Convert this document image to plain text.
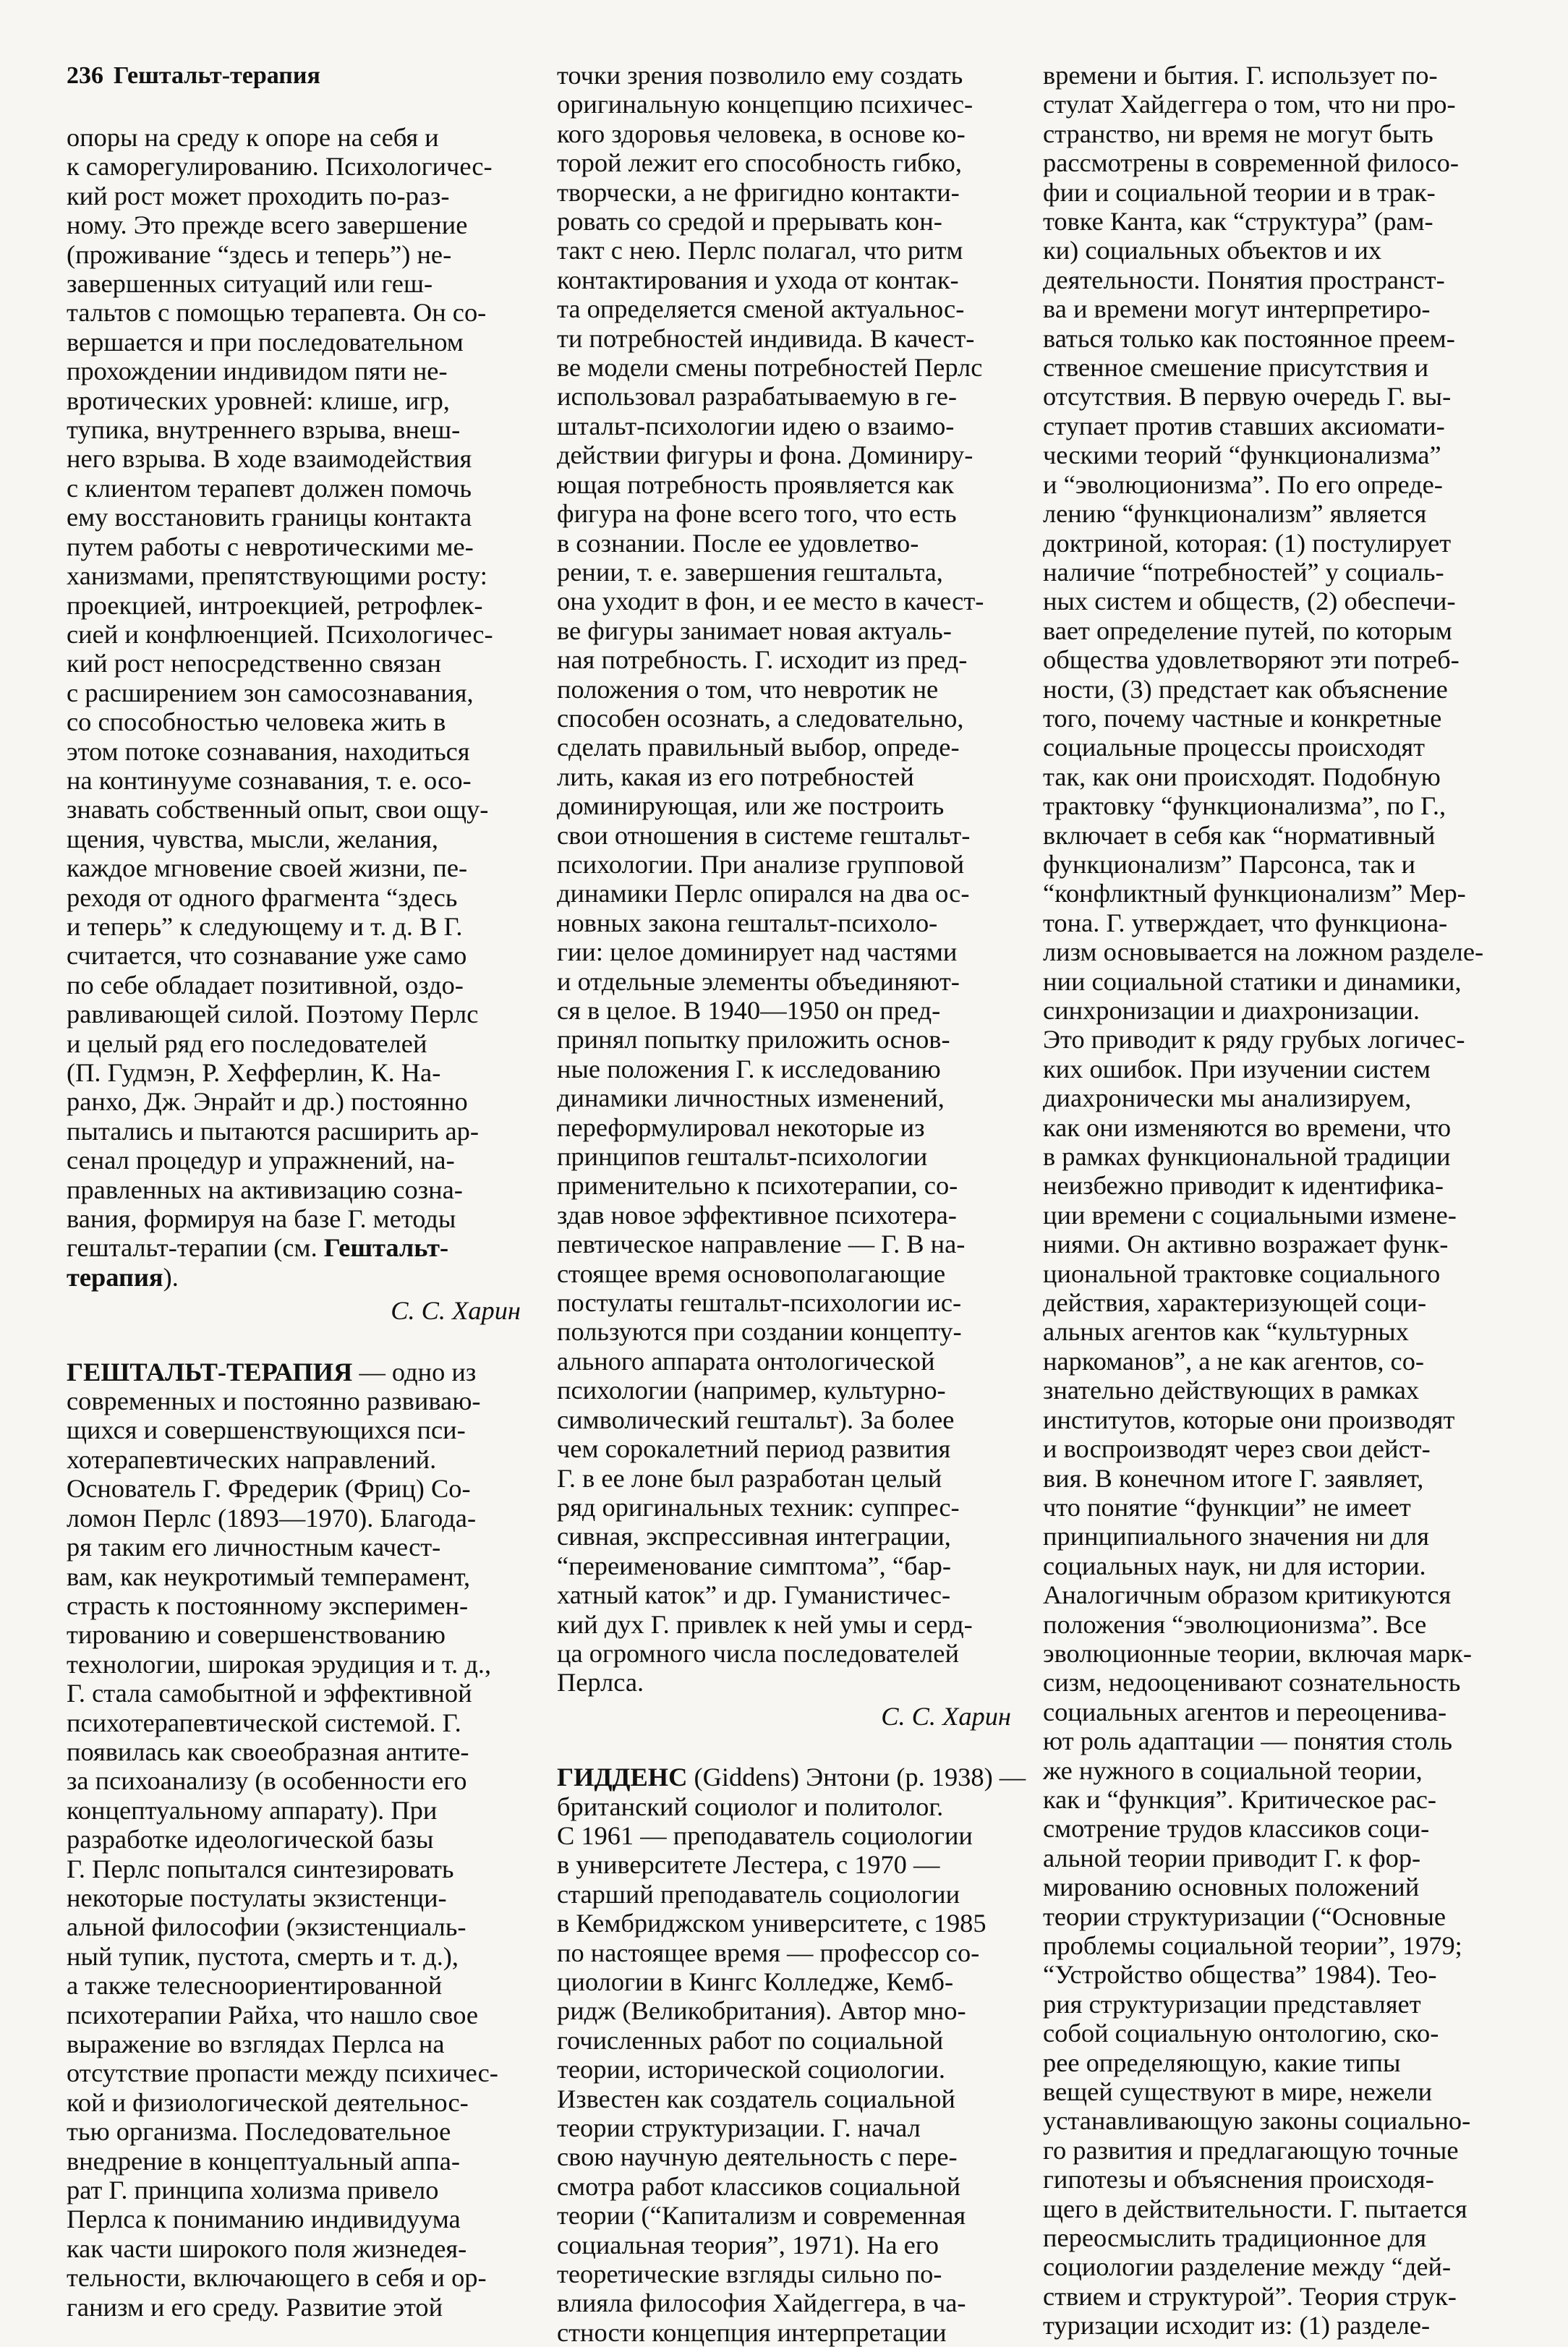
236 Гештальт-терапия

опоры на среду к опоре на себя и

к саморегулированию. Психологичес-

кий рост может проходить по-раз-

ному. Это прежде всего завершение

(проживание “здесь и теперь”) не-

завершенных ситуаций или геш-

тальтов с помощью терапевта. Он со-

вершается и при последовательном

прохождении индивидом пяти не-

вротических уровней: клише, игр,

тупика, внутреннего взрыва, внеш-

него взрыва. В ходе взаимодействия

с клиентом терапевт должен помочь

ему восстановить границы контакта

путем работы с невротическими ме-

ханизмами, препятствующими росту:

проекцией, интроекцией, ретрофлек-

сией и конфлюенцией. Психологичес-

кий рост непосредственно связан

с расширением зон самосознавания,

со способностью человека жить в

этом потоке сознавания, находиться

на континууме сознавания, т. е. осо-

знавать собственный опыт, свои ощу-

щения, чувства, мысли, желания,

каждое мгновение своей жизни, пе-

реходя от одного фрагмента “здесь

и теперь” к следующему и т. д. В Г.

считается, что сознавание уже само

по себе обладает позитивной, оздо-

равливающей силой. Поэтому Перлс

и целый ряд его последователей

(П. Гудмэн, Р. Хефферлин, К. На-

ранхо, Дж. Энрайт и др.) постоянно

пытались и пытаются расширить ар-

сенал процедур и упражнений, на-

правленных на активизацию созна-

вания, формируя на базе Г. методы

гештальт-терапии (см. Гештальт-

терапия).

С. С. Харин

ГЕШТАЛЬТ-ТЕРАПИЯ — одно из

современных и постоянно развиваю-

щихся и совершенствующихся пси-

хотерапевтических направлений.

Основатель Г. Фредерик (Фриц) Со-

ломон Перлс (1893—1970). Благода-

ря таким его личностным качест-

вам, как неукротимый темперамент,

страсть к постоянному эксперимен-

тированию и совершенствованию

технологии, широкая эрудиция и т. д.,

Г. стала самобытной и эффективной

психотерапевтической системой. Г.

появилась как своеобразная антите-

за психоанализу (в особенности его

концептуальному аппарату). При

разработке идеологической базы

Г. Перлс попытался синтезировать

некоторые постулаты экзистенци-

альной философии (экзистенциаль-

ный тупик, пустота, смерть и т. д.),

а также телесноориентированной

психотерапии Райха, что нашло свое

выражение во взглядах Перлса на

отсутствие пропасти между психичес-

кой и физиологической деятельнос-

тью организма. Последовательное

внедрение в концептуальный аппа-

рат Г. принципа холизма привело

Перлса к пониманию индивидуума

как части широкого поля жизнедея-

тельности, включающего в себя и ор-

ганизм и его среду. Развитие этой

точки зрения позволило ему создать

оригинальную концепцию психичес-

кого здоровья человека, в основе ко-

торой лежит его способность гибко,

творчески, а не фригидно контакти-

ровать со средой и прерывать кон-

такт с нею. Перлс полагал, что ритм

контактирования и ухода от контак-

та определяется сменой актуальнос-

ти потребностей индивида. В качест-

ве модели смены потребностей Перлс

использовал разрабатываемую в ге-

штальт-психологии идею о взаимо-

действии фигуры и фона. Доминиру-

ющая потребность проявляется как

фигура на фоне всего того, что есть

в сознании. После ее удовлетво-

рении, т. е. завершения гештальта,

она уходит в фон, и ее место в качест-

ве фигуры занимает новая актуаль-

ная потребность. Г. исходит из пред-

положения о том, что невротик не

способен осознать, а следовательно,

сделать правильный выбор, опреде-

лить, какая из его потребностей

доминирующая, или же построить

свои отношения в системе гештальт-

психологии. При анализе групповой

динамики Перлс опирался на два ос-

новных закона гештальт-психоло-

гии: целое доминирует над частями

и отдельные элементы объединяют-

ся в целое. В 1940—1950 он пред-

принял попытку приложить основ-

ные положения Г. к исследованию

динамики личностных изменений,

переформулировал некоторые из

принципов гештальт-психологии

применительно к психотерапии, со-

здав новое эффективное психотера-

певтическое направление — Г. В на-

стоящее время основополагающие

постулаты гештальт-психологии ис-

пользуются при создании концепту-

ального аппарата онтологической

психологии (например, культурно-

символический гештальт). За более

чем сорокалетний период развития

Г. в ее лоне был разработан целый

ряд оригинальных техник: суппрес-

сивная, экспрессивная интеграции,

“переименование симптома”, “бар-

хатный каток” и др. Гуманистичес-

кий дух Г. привлек к ней умы и серд-

ца огромного числа последователей

Перлса.

С. С. Харин

ГИДДЕНС (Giddens) Энтони (р. 1938) —

британский социолог и политолог.

С 1961 — преподаватель социологии

в университете Лестера, с 1970 —

старший преподаватель социологии

в Кембриджском университете, с 1985

по настоящее время — профессор со-

циологии в Кингс Колледже, Кемб-

ридж (Великобритания). Автор мно-

гочисленных работ по социальной

теории, исторической социологии.

Известен как создатель социальной

теории структуризации. Г. начал

свою научную деятельность с пере-

смотра работ классиков социальной

теории (“Капитализм и современная

социальная теория”, 1971). На его

теоретические взгляды сильно по-

влияла философия Хайдеггера, в ча-

стности концепция интерпретации

времени и бытия. Г. использует по-

стулат Хайдеггера о том, что ни про-

странство, ни время не могут быть

рассмотрены в современной филосо-

фии и социальной теории и в трак-

товке Канта, как “структура” (рам-

ки) социальных объектов и их

деятельности. Понятия пространст-

ва и времени могут интерпретиро-

ваться только как постоянное преем-

ственное смешение присутствия и

отсутствия. В первую очередь Г. вы-

ступает против ставших аксиомати-

ческими теорий “функционализма”

и “эволюционизма”. По его опреде-

лению “функционализм” является

доктриной, которая: (1) постулирует

наличие “потребностей” у социаль-

ных систем и обществ, (2) обеспечи-

вает определение путей, по которым

общества удовлетворяют эти потреб-

ности, (3) предстает как объяснение

того, почему частные и конкретные

социальные процессы происходят

так, как они происходят. Подобную

трактовку “функционализма”, по Г.,

включает в себя как “нормативный

функционализм” Парсонса, так и

“конфликтный функционализм” Мер-

тона. Г. утверждает, что функциона-

лизм основывается на ложном разделе-

нии социальной статики и динамики,

синхронизации и диахронизации.

Это приводит к ряду грубых логичес-

ких ошибок. При изучении систем

диахронически мы анализируем,

как они изменяются во времени, что

в рамках функциональной традиции

неизбежно приводит к идентифика-

ции времени с социальными измене-

ниями. Он активно возражает функ-

циональной трактовке социального

действия, характеризующей соци-

альных агентов как “культурных

наркоманов”, а не как агентов, со-

знательно действующих в рамках

институтов, которые они производят

и воспроизводят через свои дейст-

вия. В конечном итоге Г. заявляет,

что понятие “функции” не имеет

принципиального значения ни для

социальных наук, ни для истории.

Аналогичным образом критикуются

положения “эволюционизма”. Все

эволюционные теории, включая марк-

сизм, недооценивают сознательность

социальных агентов и переоценива-

ют роль адаптации — понятия столь

же нужного в социальной теории,

как и “функция”. Критическое рас-

смотрение трудов классиков соци-

альной теории приводит Г. к фор-

мированию основных положений

теории структуризации (“Основные

проблемы социальной теории”, 1979;

“Устройство общества” 1984). Тео-

рия структуризации представляет

собой социальную онтологию, ско-

рее определяющую, какие типы

вещей существуют в мире, нежели

устанавливающую законы социально-

го развития и предлагающую точные

гипотезы и объяснения происходя-

щего в действительности. Г. пытается

переосмыслить традиционное для

социологии разделение между “дей-

ствием и структурой”. Теория струк-

туризации исходит из: (1) разделе-
